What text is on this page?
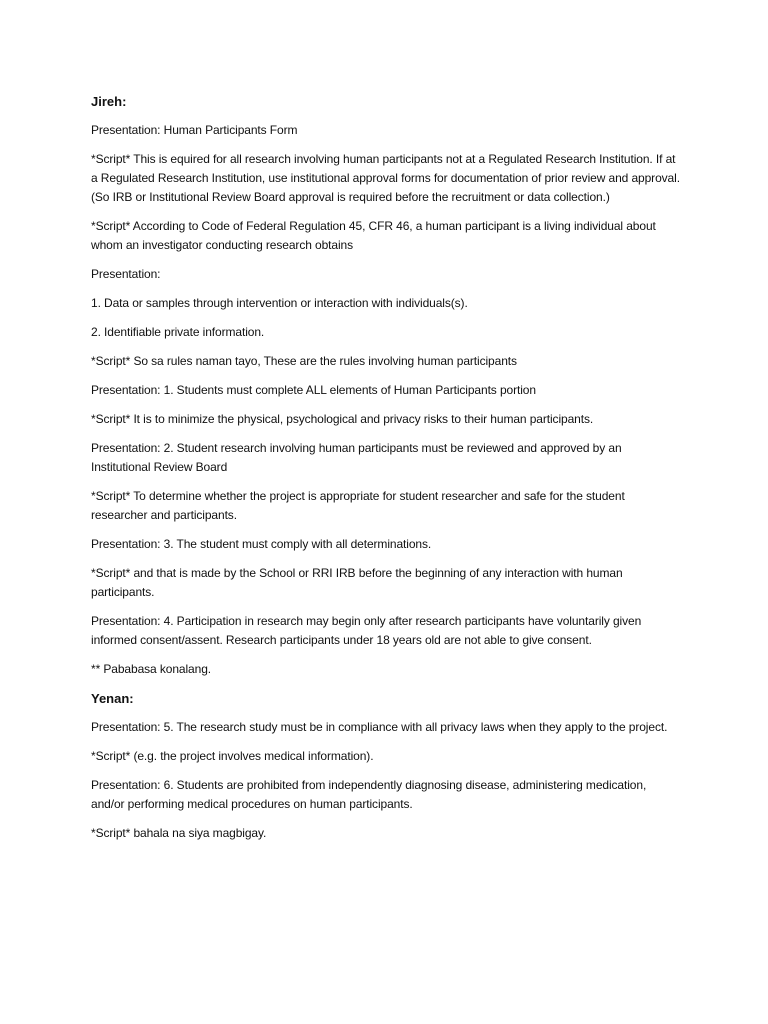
Jireh:
Presentation: Human Participants Form
*Script* This is equired for all research involving human participants not at a Regulated Research Institution. If at a Regulated Research Institution, use institutional approval forms for documentation of prior review and approval. (So IRB or Institutional Review Board approval is required before the recruitment or data collection.)
*Script* According to Code of Federal Regulation 45, CFR 46, a human participant is a living individual about whom an investigator conducting research obtains
Presentation:
1. Data or samples through intervention or interaction with individuals(s).
2. Identifiable private information.
*Script* So sa rules naman tayo, These are the rules involving human participants
Presentation: 1. Students must complete ALL elements of Human Participants portion
*Script* It is to minimize the physical, psychological and privacy risks to their human participants.
Presentation: 2. Student research involving human participants must be reviewed and approved by an Institutional Review Board
*Script* To determine whether the project is appropriate for student researcher and safe for the student researcher and participants.
Presentation: 3. The student must comply with all determinations.
*Script* and that is made by the School or RRI IRB before the beginning of any interaction with human participants.
Presentation: 4. Participation in research may begin only after research participants have voluntarily given informed consent/assent. Research participants under 18 years old are not able to give consent.
** Pababasa konalang.
Yenan:
Presentation: 5. The research study must be in compliance with all privacy laws when they apply to the project.
*Script* (e.g. the project involves medical information).
Presentation: 6. Students are prohibited from independently diagnosing disease, administering medication, and/or performing medical procedures on human participants.
*Script* bahala na siya magbigay.
